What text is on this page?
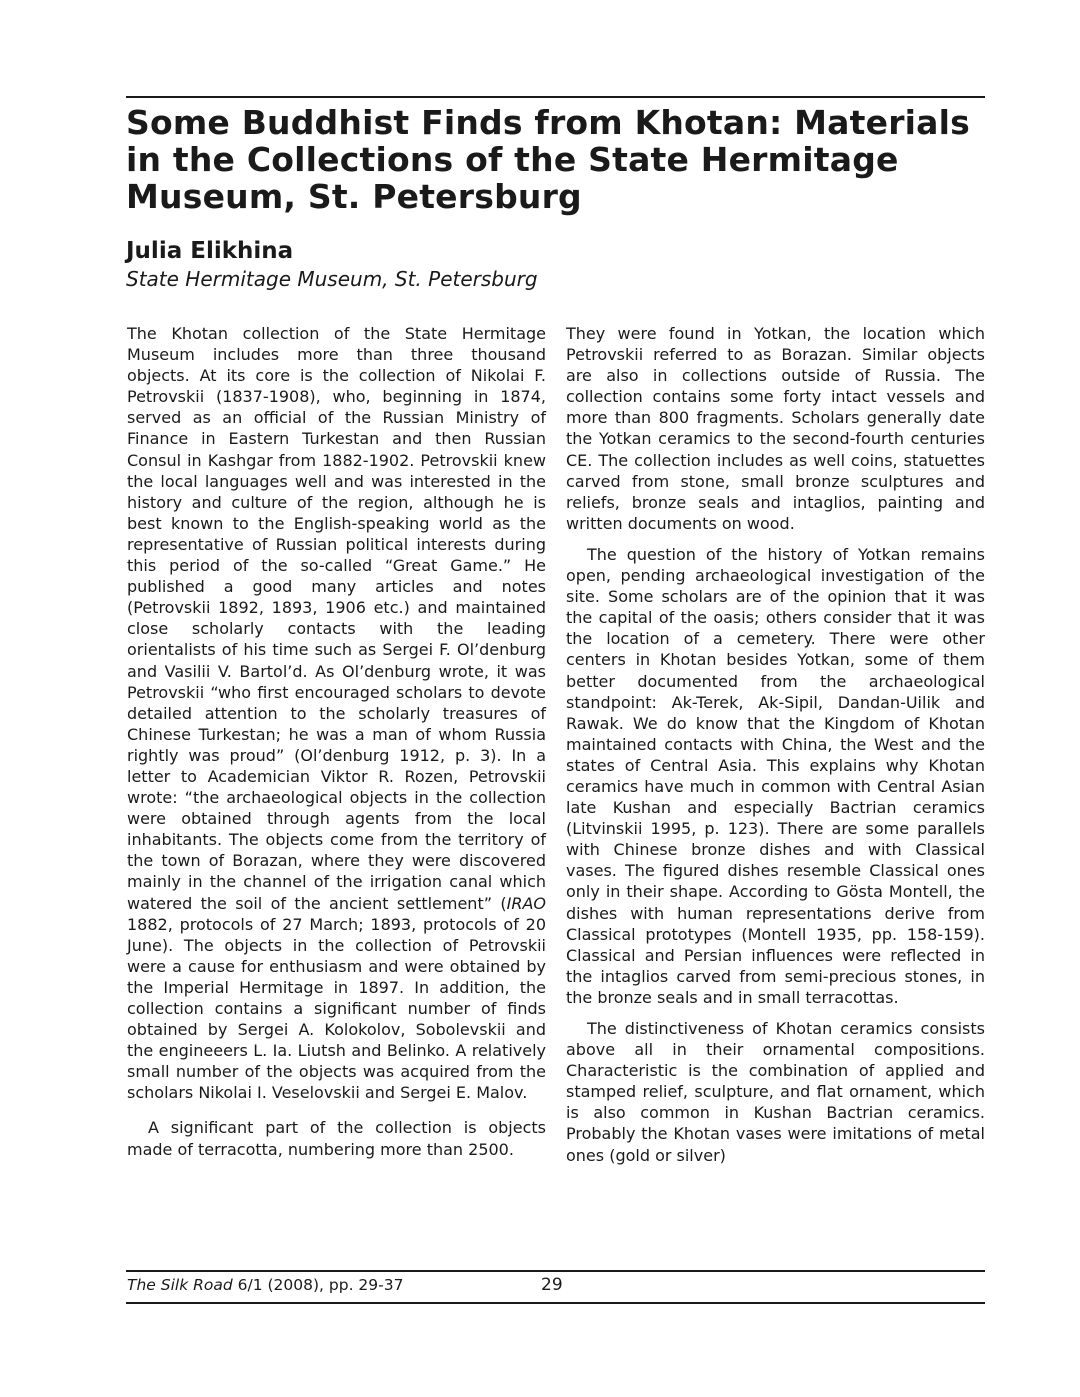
Some Buddhist Finds from Khotan: Materials in the Collections of the State Hermitage Museum, St. Petersburg
Julia Elikhina

State Hermitage Museum, St. Petersburg

The Khotan collection of the State Hermitage Museum includes more than three thousand objects. At its core is the collection of Nikolai F. Petrovskii (1837-1908), who, beginning in 1874, served as an official of the Russian Ministry of Finance in Eastern Turkestan and then Russian Consul in Kashgar from 1882-1902. Petrovskii knew the local languages well and was interested in the history and culture of the region, although he is best known to the English-speaking world as the representative of Russian political interests during this period of the so-called “Great Game.” He published a good many articles and notes (Petrovskii 1892, 1893, 1906 etc.) and maintained close scholarly contacts with the leading orientalists of his time such as Sergei F. Ol’denburg and Vasilii V. Bartol’d. As Ol’denburg wrote, it was Petrovskii “who first encouraged scholars to devote detailed attention to the scholarly treasures of Chinese Turkestan; he was a man of whom Russia rightly was proud” (Ol’denburg 1912, p. 3). In a letter to Academician Viktor R. Rozen, Petrovskii wrote: “the archaeological objects in the collection were obtained through agents from the local inhabitants. The objects come from the territory of the town of Borazan, where they were discovered mainly in the channel of the irrigation canal which watered the soil of the ancient settlement” (IRAO 1882, protocols of 27 March; 1893, protocols of 20 June). The objects in the collection of Petrovskii were a cause for enthusiasm and were obtained by the Imperial Hermitage in 1897. In addition, the collection contains a significant number of finds obtained by Sergei A. Kolokolov, Sobolevskii and the engineeers L. Ia. Liutsh and Belinko. A relatively small number of the objects was acquired from the scholars Nikolai I. Veselovskii and Sergei E. Malov.

A significant part of the collection is objects made of terracotta, numbering more than 2500.

They were found in Yotkan, the location which Petrovskii referred to as Borazan. Similar objects are also in collections outside of Russia. The collection contains some forty intact vessels and more than 800 fragments. Scholars generally date the Yotkan ceramics to the second-fourth centuries CE. The collection includes as well coins, statuettes carved from stone, small bronze sculptures and reliefs, bronze seals and intaglios, painting and written documents on wood.

The question of the history of Yotkan remains open, pending archaeological investigation of the site. Some scholars are of the opinion that it was the capital of the oasis; others consider that it was the location of a cemetery. There were other centers in Khotan besides Yotkan, some of them better documented from the archaeological standpoint: Ak-Terek, Ak-Sipil, Dandan-Uilik and Rawak. We do know that the Kingdom of Khotan maintained contacts with China, the West and the states of Central Asia. This explains why Khotan ceramics have much in common with Central Asian late Kushan and especially Bactrian ceramics (Litvinskii 1995, p. 123). There are some parallels with Chinese bronze dishes and with Classical vases. The figured dishes resemble Classical ones only in their shape. According to Gösta Montell, the dishes with human representations derive from Classical prototypes (Montell 1935, pp. 158-159). Classical and Persian influences were reflected in the intaglios carved from semi-precious stones, in the bronze seals and in small terracottas.

The distinctiveness of Khotan ceramics consists above all in their ornamental compositions. Characteristic is the combination of applied and stamped relief, sculpture, and flat ornament, which is also common in Kushan Bactrian ceramics. Probably the Khotan vases were imitations of metal ones (gold or silver)

The Silk Road 6/1 (2008), pp. 29-37	29
